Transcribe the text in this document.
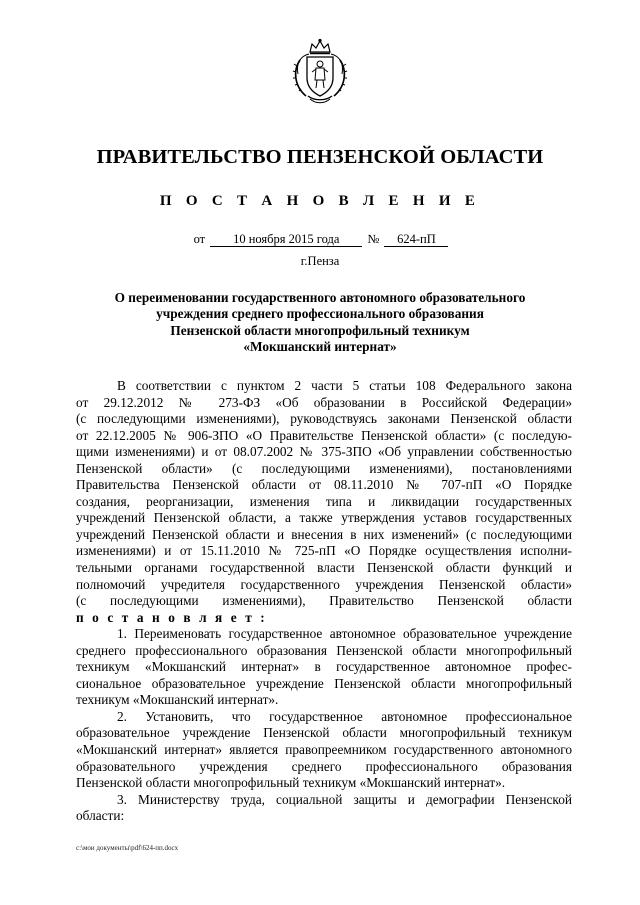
ПРАВИТЕЛЬСТВО ПЕНЗЕНСКОЙ ОБЛАСТИ
П О С Т А Н О В Л Е Н И Е
от 10 ноября 2015 года № 624-пП
г.Пенза
О переименовании государственного автономного образовательного
учреждения среднего профессионального образования
Пензенской области многопрофильный техникум
«Мокшанский интернат»
В соответствии с пунктом 2 части 5 статьи 108 Федерального закона
от 29.12.2012 № 273-ФЗ «Об образовании в Российской Федерации»
(с последующими изменениями), руководствуясь законами Пензенской области
от 22.12.2005 № 906-ЗПО «О Правительстве Пензенской области» (с последую-
щими изменениями) и от 08.07.2002 № 375-ЗПО «Об управлении собственностью
Пензенской области» (с последующими изменениями), постановлениями
Правительства Пензенской области от 08.11.2010 № 707-пП «О Порядке
создания, реорганизации, изменения типа и ликвидации государственных
учреждений Пензенской области, а также утверждения уставов государственных
учреждений Пензенской области и внесения в них изменений» (с последующими
изменениями) и от 15.11.2010 № 725-пП «О Порядке осуществления исполни-
тельными органами государственной власти Пензенской области функций и
полномочий учредителя государственного учреждения Пензенской области»
(с последующими изменениями), Правительство Пензенской области
п о с т а н о в л я е т :
1. Переименовать государственное автономное образовательное учреждение
среднего профессионального образования Пензенской области многопрофильный
техникум «Мокшанский интернат» в государственное автономное профес-
сиональное образовательное учреждение Пензенской области многопрофильный
техникум «Мокшанский интернат».
2. Установить, что государственное автономное профессиональное
образовательное учреждение Пензенской области многопрофильный техникум
«Мокшанский интернат» является правопреемником государственного автономного
образовательного учреждения среднего профессионального образования
Пензенской области многопрофильный техникум «Мокшанский интернат».
3. Министерству труда, социальной защиты и демографии Пензенской
области:
c:\мои документы\pdf\624-пп.docx
